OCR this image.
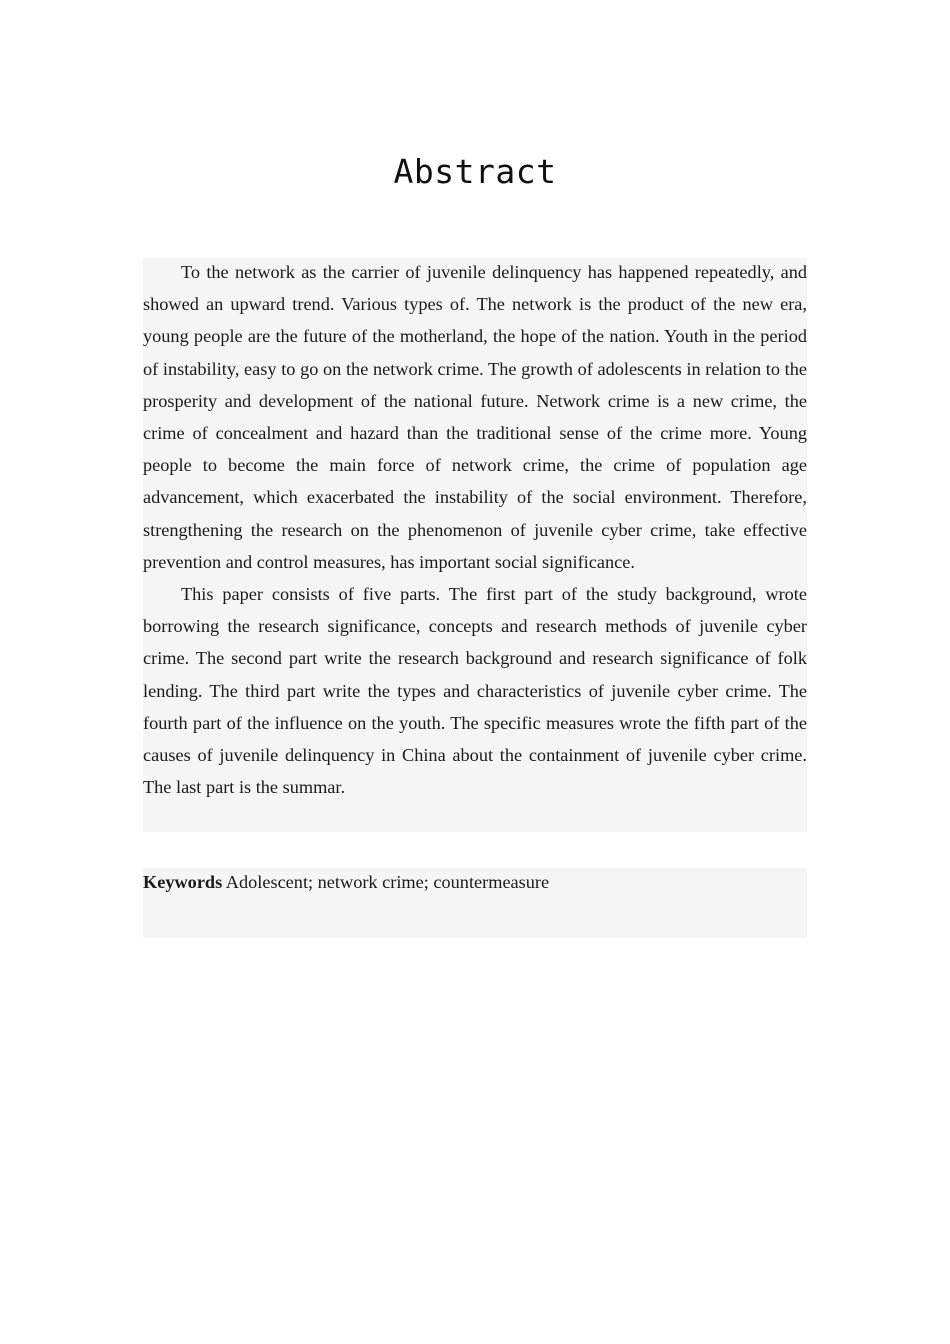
Abstract

To the network as the carrier of juvenile delinquency has happened repeatedly, and showed an upward trend. Various types of. The network is the product of the new era, young people are the future of the motherland, the hope of the nation. Youth in the period of instability, easy to go on the network crime. The growth of adolescents in relation to the prosperity and development of the national future. Network crime is a new crime, the crime of concealment and hazard than the traditional sense of the crime more. Young people to become the main force of network crime, the crime of population age advancement, which exacerbated the instability of the social environment. Therefore, strengthening the research on the phenomenon of juvenile cyber crime, take effective prevention and control measures, has important social significance.

This paper consists of five parts. The first part of the study background, wrote borrowing the research significance, concepts and research methods of juvenile cyber crime. The second part write the research background and research significance of folk lending. The third part write the types and characteristics of juvenile cyber crime. The fourth part of the influence on the youth. The specific measures wrote the fifth part of the causes of juvenile delinquency in China about the containment of juvenile cyber crime. The last part is the summar.

Keywords Adolescent; network crime; countermeasure
